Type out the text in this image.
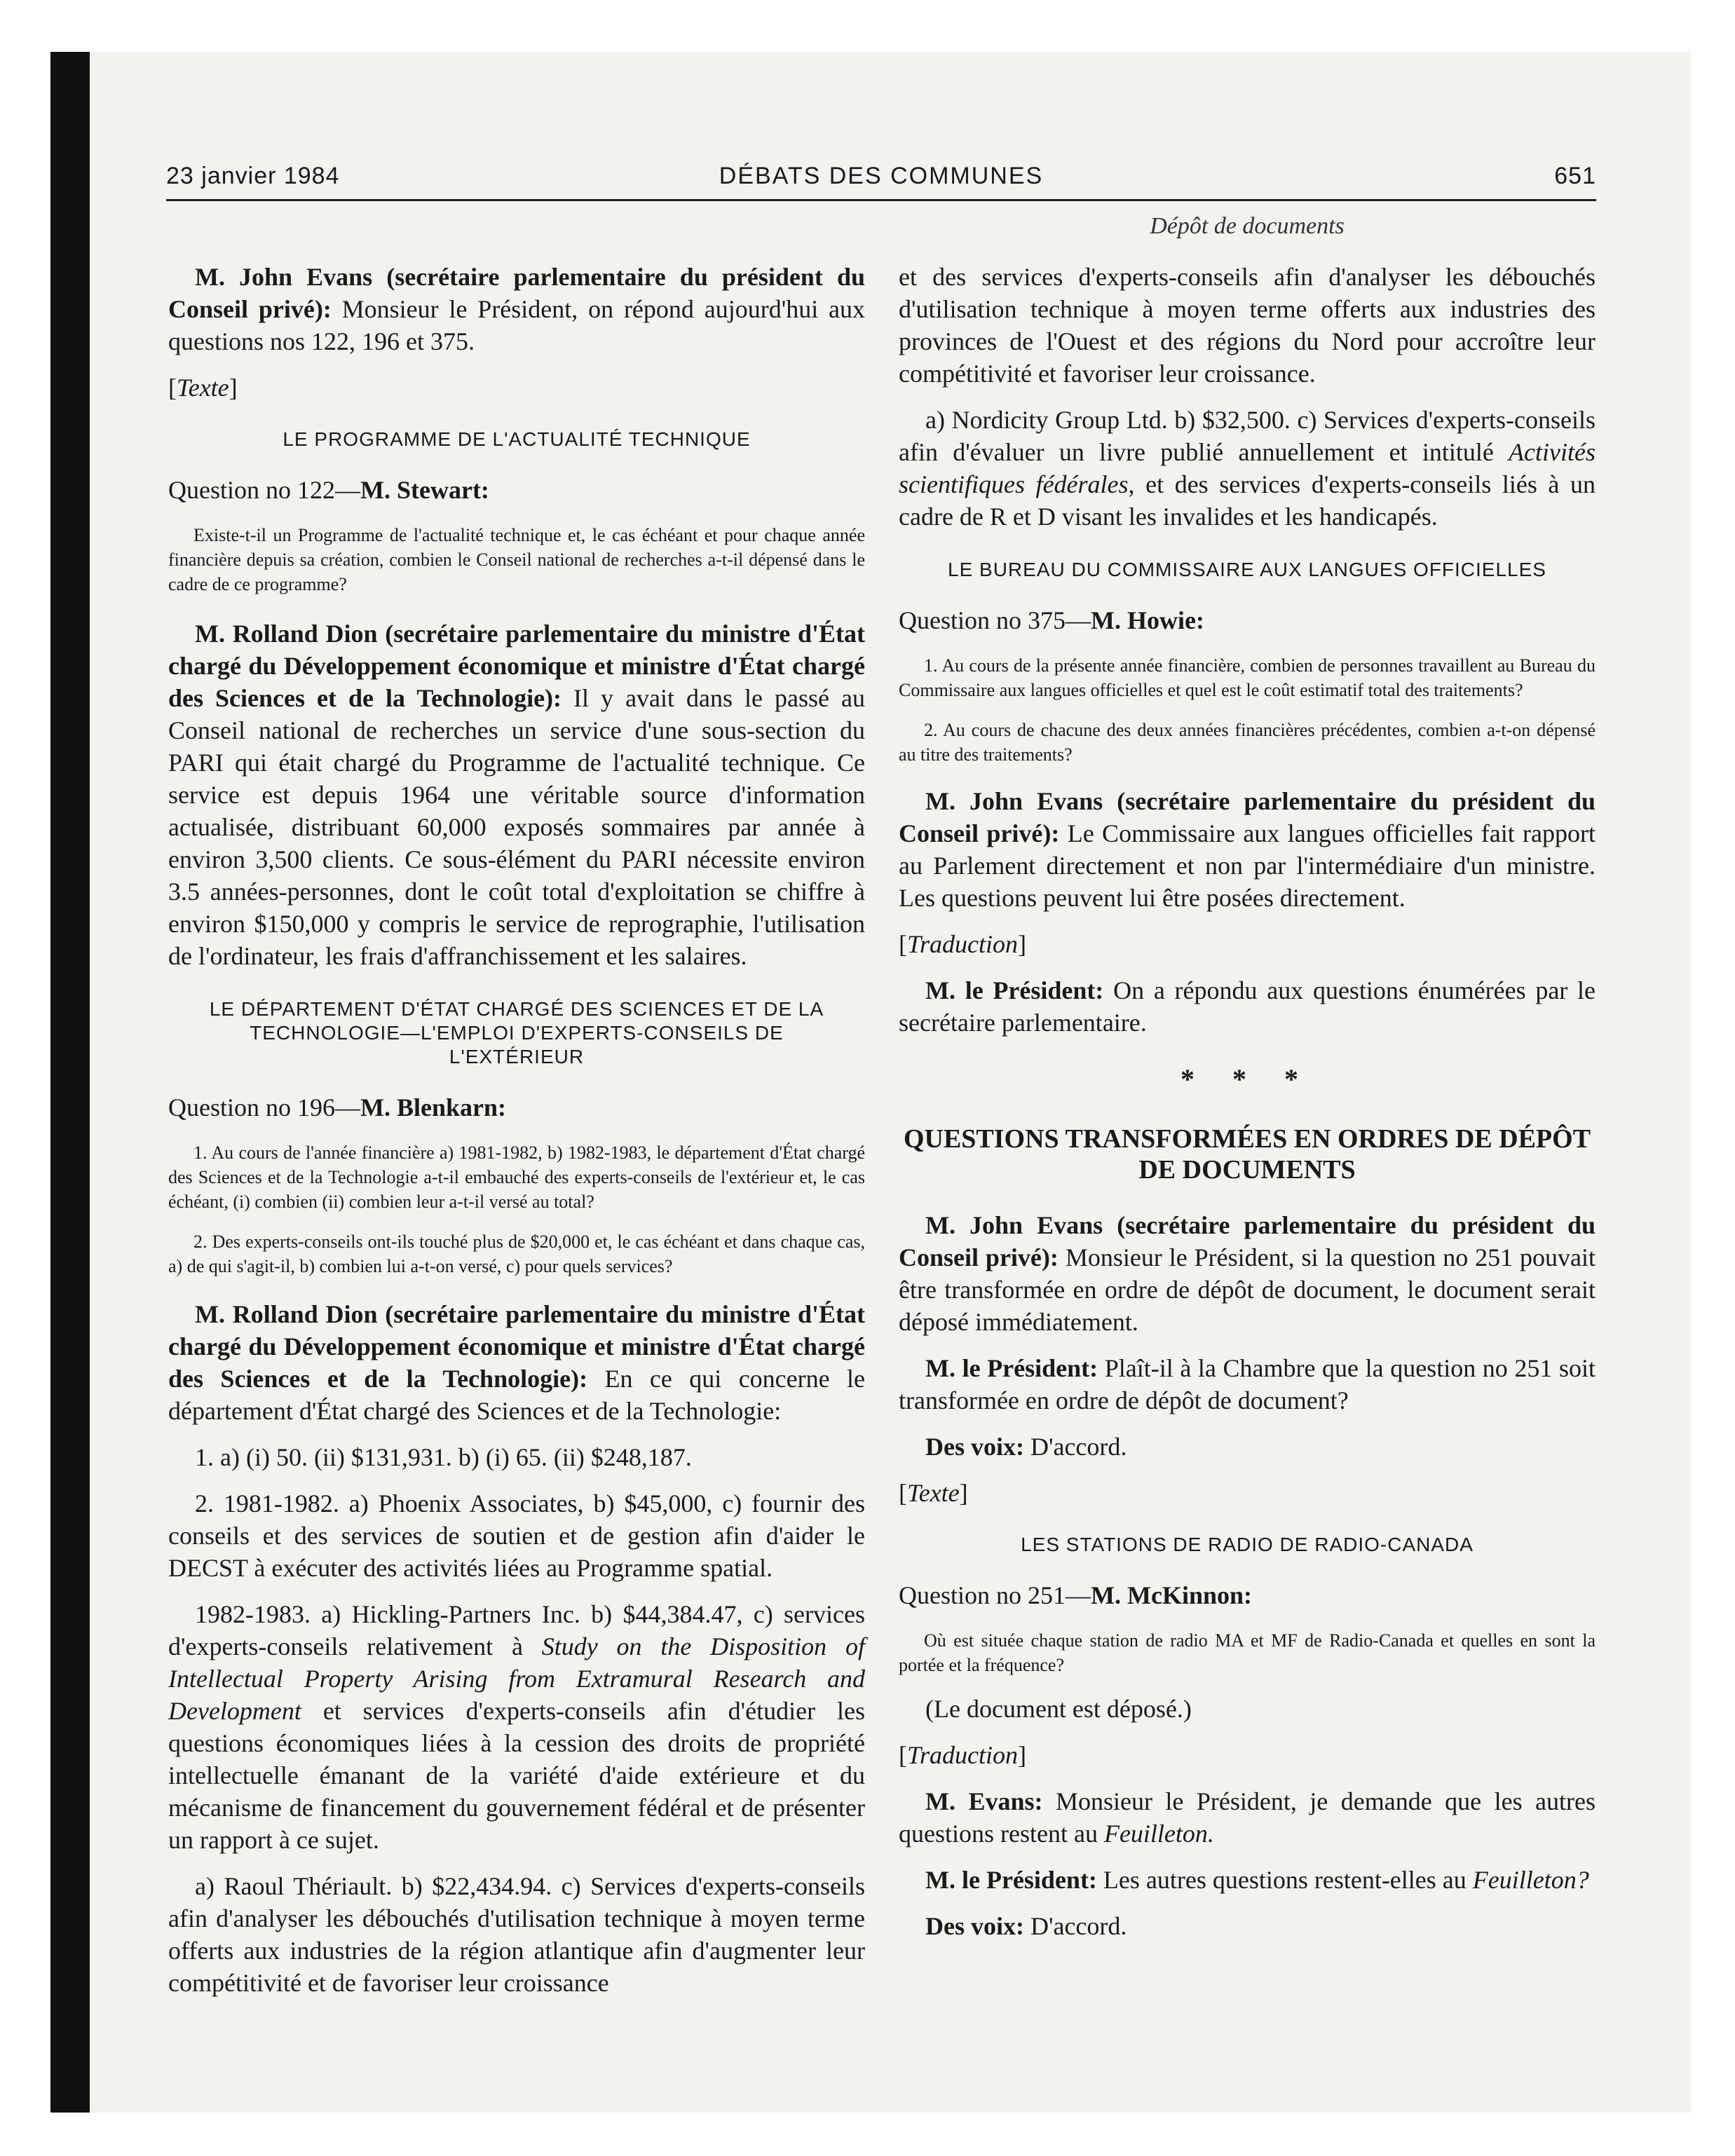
23 janvier 1984	DÉBATS DES COMMUNES	651
Dépôt de documents

M. John Evans (secrétaire parlementaire du président du Conseil privé): Monsieur le Président, on répond aujourd'hui aux questions nos 122, 196 et 375.

[Texte]
LE PROGRAMME DE L'ACTUALITÉ TECHNIQUE
Question no 122—M. Stewart:

Existe-t-il un Programme de l'actualité technique et, le cas échéant et pour chaque année financière depuis sa création, combien le Conseil national de recherches a-t-il dépensé dans le cadre de ce programme?

M. Rolland Dion (secrétaire parlementaire du ministre d'État chargé du Développement économique et ministre d'État chargé des Sciences et de la Technologie): Il y avait dans le passé au Conseil national de recherches un service d'une sous-section du PARI qui était chargé du Programme de l'actualité technique. Ce service est depuis 1964 une véritable source d'information actualisée, distribuant 60,000 exposés sommaires par année à environ 3,500 clients. Ce sous-élément du PARI nécessite environ 3.5 années-personnes, dont le coût total d'exploitation se chiffre à environ $150,000 y compris le service de reprographie, l'utilisation de l'ordinateur, les frais d'affranchissement et les salaires.

LE DÉPARTEMENT D'ÉTAT CHARGÉ DES SCIENCES ET DE LA TECHNOLOGIE—L'EMPLOI D'EXPERTS-CONSEILS DE L'EXTÉRIEUR
Question no 196—M. Blenkarn:

1. Au cours de l'année financière a) 1981-1982, b) 1982-1983, le département d'État chargé des Sciences et de la Technologie a-t-il embauché des experts-conseils de l'extérieur et, le cas échéant, (i) combien (ii) combien leur a-t-il versé au total?

2. Des experts-conseils ont-ils touché plus de $20,000 et, le cas échéant et dans chaque cas, a) de qui s'agit-il, b) combien lui a-t-on versé, c) pour quels services?

M. Rolland Dion (secrétaire parlementaire du ministre d'État chargé du Développement économique et ministre d'État chargé des Sciences et de la Technologie): En ce qui concerne le département d'État chargé des Sciences et de la Technologie:

1. a) (i) 50. (ii) $131,931. b) (i) 65. (ii) $248,187.

2. 1981-1982. a) Phoenix Associates, b) $45,000, c) fournir des conseils et des services de soutien et de gestion afin d'aider le DECST à exécuter des activités liées au Programme spatial.

1982-1983. a) Hickling-Partners Inc. b) $44,384.47, c) services d'experts-conseils relativement à Study on the Disposition of Intellectual Property Arising from Extramural Research and Development et services d'experts-conseils afin d'étudier les questions économiques liées à la cession des droits de propriété intellectuelle émanant de la variété d'aide extérieure et du mécanisme de financement du gouvernement fédéral et de présenter un rapport à ce sujet.

a) Raoul Thériault. b) $22,434.94. c) Services d'experts-conseils afin d'analyser les débouchés d'utilisation technique à moyen terme offerts aux industries de la région atlantique afin d'augmenter leur compétitivité et de favoriser leur croissance

et des services d'experts-conseils afin d'analyser les débouchés d'utilisation technique à moyen terme offerts aux industries des provinces de l'Ouest et des régions du Nord pour accroître leur compétitivité et favoriser leur croissance.

a) Nordicity Group Ltd. b) $32,500. c) Services d'experts-conseils afin d'évaluer un livre publié annuellement et intitulé Activités scientifiques fédérales, et des services d'experts-conseils liés à un cadre de R et D visant les invalides et les handicapés.

LE BUREAU DU COMMISSAIRE AUX LANGUES OFFICIELLES
Question no 375—M. Howie:

1. Au cours de la présente année financière, combien de personnes travaillent au Bureau du Commissaire aux langues officielles et quel est le coût estimatif total des traitements?

2. Au cours de chacune des deux années financières précédentes, combien a-t-on dépensé au titre des traitements?

M. John Evans (secrétaire parlementaire du président du Conseil privé): Le Commissaire aux langues officielles fait rapport au Parlement directement et non par l'intermédiaire d'un ministre. Les questions peuvent lui être posées directement.

[Traduction]

M. le Président: On a répondu aux questions énumérées par le secrétaire parlementaire.

* * *
QUESTIONS TRANSFORMÉES EN ORDRES DE DÉPÔT DE DOCUMENTS

M. John Evans (secrétaire parlementaire du président du Conseil privé): Monsieur le Président, si la question no 251 pouvait être transformée en ordre de dépôt de document, le document serait déposé immédiatement.

M. le Président: Plaît-il à la Chambre que la question no 251 soit transformée en ordre de dépôt de document?

Des voix: D'accord.

[Texte]
LES STATIONS DE RADIO DE RADIO-CANADA
Question no 251—M. McKinnon:

Où est située chaque station de radio MA et MF de Radio-Canada et quelles en sont la portée et la fréquence?

(Le document est déposé.)

[Traduction]

M. Evans: Monsieur le Président, je demande que les autres questions restent au Feuilleton.

M. le Président: Les autres questions restent-elles au Feuilleton?

Des voix: D'accord.
